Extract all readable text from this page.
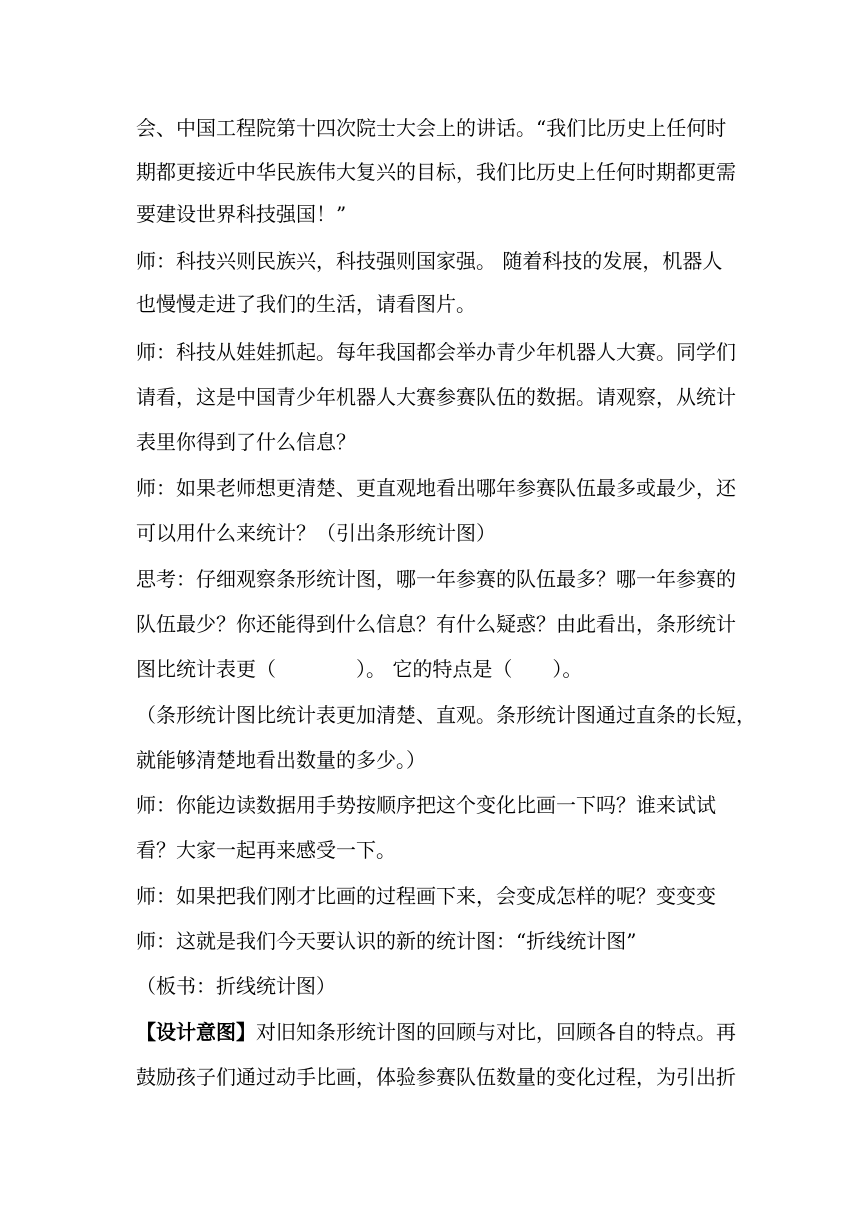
会、中国工程院第十四次院士大会上的讲话。“我们比历史上任何时
期都更接近中华民族伟大复兴的目标，我们比历史上任何时期都更需
要建设世界科技强国！”
师：科技兴则民族兴，科技强则国家强。 随着科技的发展，机器人
也慢慢走进了我们的生活，请看图片。
师：科技从娃娃抓起。每年我国都会举办青少年机器人大赛。同学们
请看，这是中国青少年机器人大赛参赛队伍的数据。请观察，从统计
表里你得到了什么信息？
师：如果老师想更清楚、更直观地看出哪年参赛队伍最多或最少，还
可以用什么来统计？（引出条形统计图）
思考：仔细观察条形统计图，哪一年参赛的队伍最多？哪一年参赛的
队伍最少？你还能得到什么信息？有什么疑惑？由此看出，条形统计
图比统计表更（　　　　）。 它的特点是（　　）。
（条形统计图比统计表更加清楚、直观。条形统计图通过直条的长短，
就能够清楚地看出数量的多少。）
师：你能边读数据用手势按顺序把这个变化比画一下吗？谁来试试
看？大家一起再来感受一下。
师：如果把我们刚才比画的过程画下来，会变成怎样的呢？变变变
师：这就是我们今天要认识的新的统计图：“折线统计图”
（板书：折线统计图）
【设计意图】对旧知条形统计图的回顾与对比，回顾各自的特点。再
鼓励孩子们通过动手比画，体验参赛队伍数量的变化过程，为引出折
